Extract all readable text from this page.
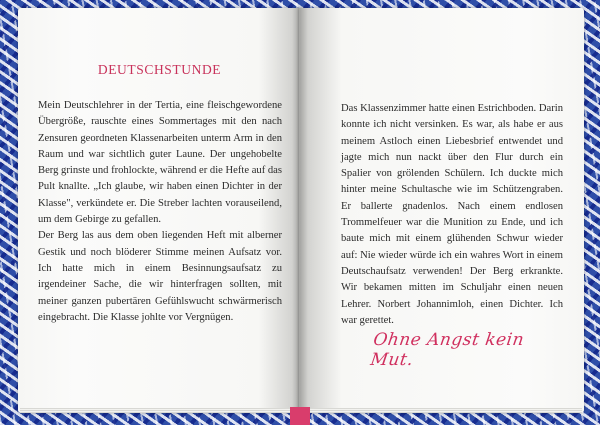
DEUTSCHSTUNDE

Mein Deutschlehrer in der Tertia, eine fleischgewordene Übergröße, rauschte eines Sommertages mit den nach Zensuren geordneten Klassenarbeiten unterm Arm in den Raum und war sichtlich guter Laune. Der ungehobelte Berg grinste und frohlockte, während er die Hefte auf das Pult knallte. „Ich glaube, wir haben einen Dichter in der Klasse", verkündete er. Die Streber lachten vorauseilend, um dem Gebirge zu gefallen.

Der Berg las aus dem oben liegenden Heft mit alberner Gestik und noch blöderer Stimme meinen Aufsatz vor. Ich hatte mich in einem Besinnungsaufsatz zu irgendeiner Sache, die wir hinterfragen sollten, mit meiner ganzen pubertären Gefühlswucht schwärmerisch eingebracht. Die Klasse johlte vor Vergnügen.

Das Klassenzimmer hatte einen Estrichboden. Darin konnte ich nicht versinken. Es war, als habe er aus meinem Astloch einen Liebesbrief entwendet und jagte mich nun nackt über den Flur durch ein Spalier von grölenden Schülern. Ich duckte mich hinter meine Schultasche wie im Schützengraben. Er ballerte gnadenlos. Nach einem endlosen Trommelfeuer war die Munition zu Ende, und ich baute mich mit einem glühenden Schwur wieder auf: Nie wieder würde ich ein wahres Wort in einem Deutschaufsatz verwenden! Der Berg erkrankte. Wir bekamen mitten im Schuljahr einen neuen Lehrer. Norbert Johannimloh, einen Dichter. Ich war gerettet.

Ohne Angst kein Mut.
